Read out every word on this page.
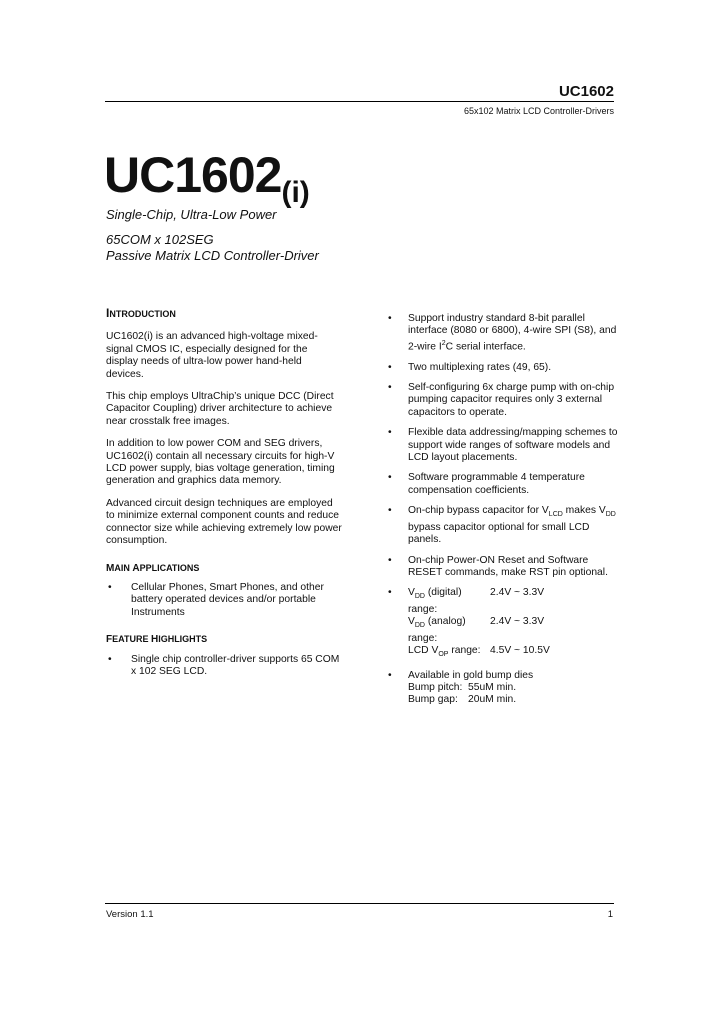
UC1602
65x102 Matrix LCD Controller-Drivers
$UC1602_{(i)}$
Single-Chip, Ultra-Low Power
65COM x 102SEG
Passive Matrix LCD Controller-Driver
INTRODUCTION

UC1602(i) is an advanced high-voltage mixed-signal CMOS IC, especially designed for the display needs of ultra-low power hand-held devices.

This chip employs UltraChip’s unique DCC (Direct Capacitor Coupling) driver architecture to achieve near crosstalk free images.

In addition to low power COM and SEG drivers, UC1602(i) contain all necessary circuits for high-V LCD power supply, bias voltage generation, timing generation and graphics data memory.

Advanced circuit design techniques are employed to minimize external component counts and reduce connector size while achieving extremely low power consumption.

MAIN APPLICATIONS
• Cellular Phones, Smart Phones, and other battery operated devices and/or portable Instruments
FEATURE HIGHLIGHTS
• Single chip controller-driver supports 65 COM x 102 SEG LCD.
• Support industry standard 8-bit parallel interface (8080 or 6800), 4-wire SPI (S8), and 2-wire $I^2C$ serial interface.
• Two multiplexing rates (49, 65).
• Self-configuring 6x charge pump with on-chip pumping capacitor requires only 3 external capacitors to operate.
• Flexible data addressing/mapping schemes to support wide ranges of software models and LCD layout placements.
• Software programmable 4 temperature compensation coefficients.
• On-chip bypass capacitor for $V_{LCD}$ makes $V_{DD}$ bypass capacitor optional for small LCD panels.
• On-chip Power-ON Reset and Software RESET commands, make RST pin optional.
• $V_{DD}$ (digital) range:	2.4V ~ 3.3V
$V_{DD}$ (analog) range:	2.4V ~ 3.3V
LCD $V_{OP}$ range:	4.5V ~ 10.5V
• Available in gold bump dies
Bump pitch:	55uM min.
Bump gap:	20uM min.
Version 1.1	1
